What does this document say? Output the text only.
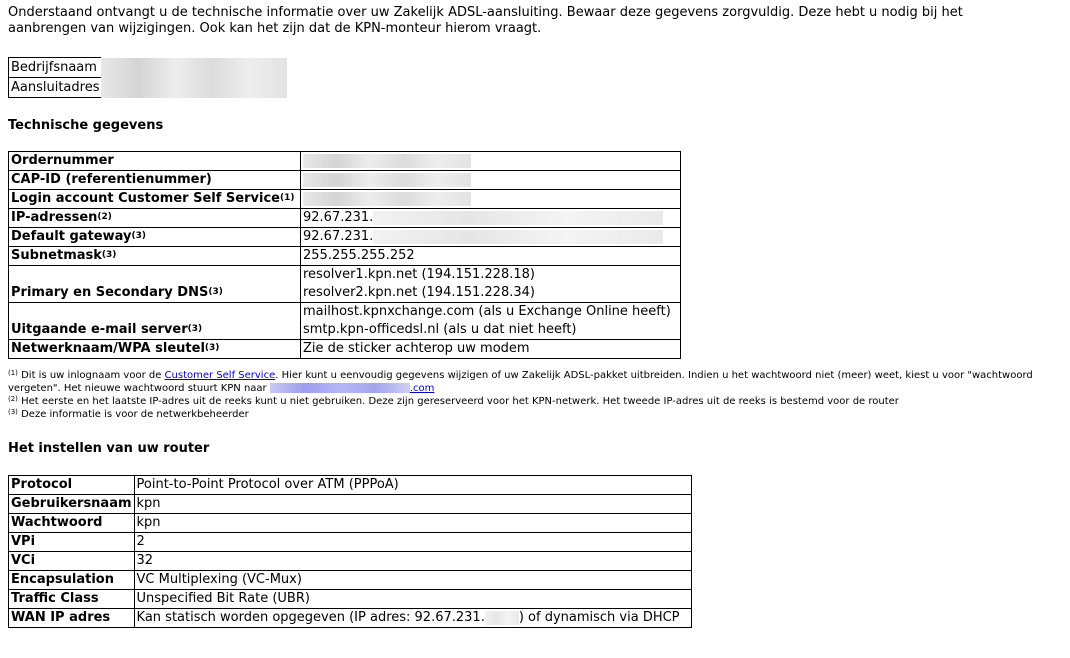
Onderstaand ontvangt u de technische informatie over uw Zakelijk ADSL-aansluiting. Bewaar deze gegevens zorgvuldig. Deze hebt u nodig bij het aanbrengen van wijzigingen. Ook kan het zijn dat de KPN-monteur hierom vraagt.
Bedrijfsnaam	
Aansluitadres	
Technische gegevens
Ordernummer	
CAP-ID (referentienummer)	
Login account Customer Self Service$^{(1)}$	
IP-adressen$^{(2)}$	92.67.231.
Default gateway$^{(3)}$	92.67.231.
Subnetmask$^{(3)}$	255.255.255.252
Primary en Secondary DNS$^{(3)}$	resolver1.kpn.net (194.151.228.18)
resolver2.kpn.net (194.151.228.34)

Uitgaande e-mail server$^{(3)}$	mailhost.kpnxchange.com (als u Exchange Online heeft)
smtp.kpn-officedsl.nl (als u dat niet heeft)

Netwerknaam/WPA sleutel$^{(3)}$	Zie de sticker achterop uw modem
$^{(1)}$ Dit is uw inlognaam voor de Customer Self Service. Hier kunt u eenvoudig gegevens wijzigen of uw Zakelijk ADSL-pakket uitbreiden. Indien u het wachtwoord niet (meer) weet, kiest u voor "wachtwoord vergeten". Het nieuwe wachtwoord stuurt KPN naar	.com
$^{(2)}$ Het eerste en het laatste IP-adres uit de reeks kunt u niet gebruiken. Deze zijn gereserveerd voor het KPN-netwerk. Het tweede IP-adres uit de reeks is bestemd voor de router
$^{(3)}$ Deze informatie is voor de netwerkbeheerder
Het instellen van uw router
Protocol	Point-to-Point Protocol over ATM (PPPoA)
Gebruikersnaam	kpn
Wachtwoord	kpn
VPi	2
VCi	32
Encapsulation	VC Multiplexing (VC-Mux)
Traffic Class	Unspecified Bit Rate (UBR)
WAN IP adres	Kan statisch worden opgegeven (IP adres: 92.67.231. ) of dynamisch via DHCP
